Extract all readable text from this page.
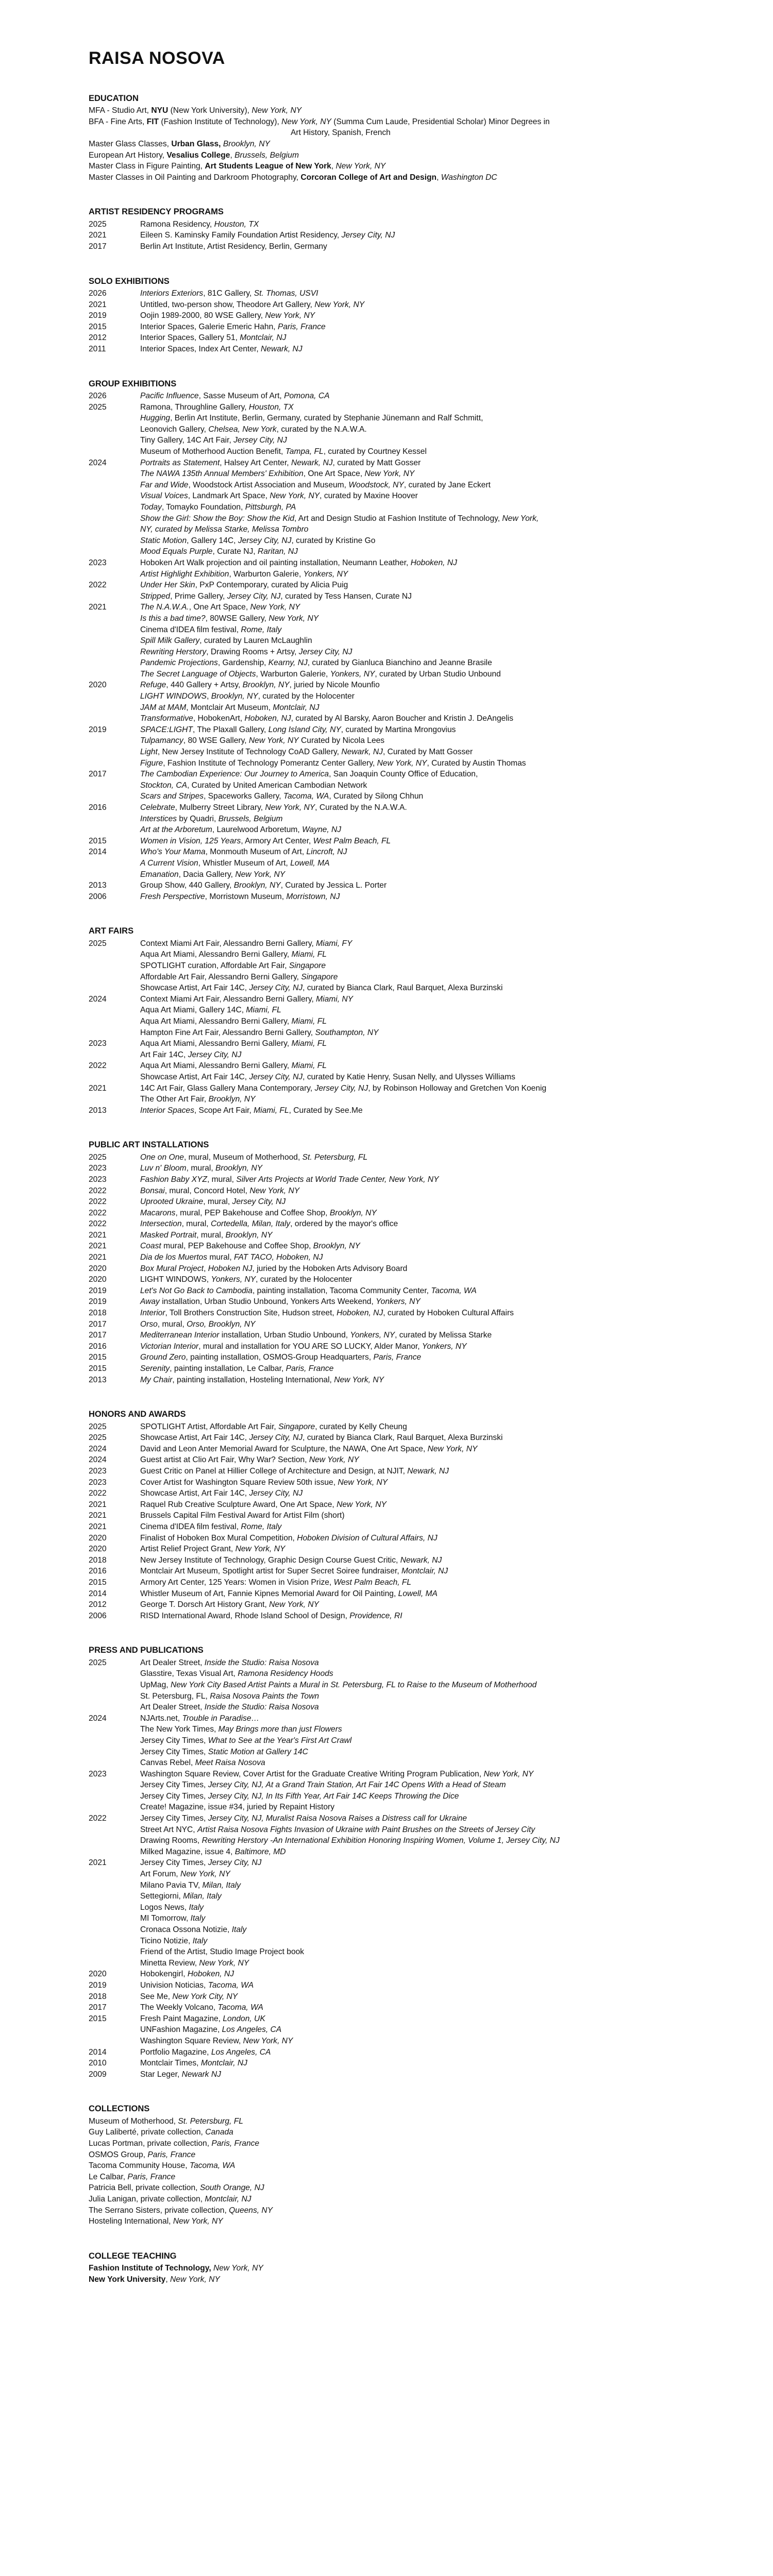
RAISA NOSOVA
EDUCATION
MFA - Studio Art, NYU (New York University), New York, NY
BFA - Fine Arts, FIT (Fashion Institute of Technology), New York, NY (Summa Cum Laude, Presidential Scholar) Minor Degrees in
Art History, Spanish, French
Master Glass Classes, Urban Glass, Brooklyn, NY
European Art History, Vesalius College, Brussels, Belgium
Master Class in Figure Painting, Art Students League of New York, New York, NY
Master Classes in Oil Painting and Darkroom Photography, Corcoran College of Art and Design, Washington DC
ARTIST RESIDENCY PROGRAMS
2025	Ramona Residency, Houston, TX
2021	Eileen S. Kaminsky Family Foundation Artist Residency, Jersey City, NJ
2017	Berlin Art Institute, Artist Residency, Berlin, Germany
SOLO EXHIBITIONS
2026	Interiors Exteriors, 81C Gallery, St. Thomas, USVI
2021	Untitled, two-person show, Theodore Art Gallery, New York, NY
2019	Oojin 1989-2000, 80 WSE Gallery, New York, NY
2015	Interior Spaces, Galerie Emeric Hahn, Paris, France
2012	Interior Spaces, Gallery 51, Montclair, NJ
2011	Interior Spaces, Index Art Center, Newark, NJ
GROUP EXHIBITIONS
2026	Pacific Influence, Sasse Museum of Art, Pomona, CA
2025	Ramona, Throughline Gallery, Houston, TX
Hugging, Berlin Art Institute, Berlin, Germany, curated by Stephanie Jünemann and Ralf Schmitt,
Leonovich Gallery, Chelsea, New York, curated by the N.A.W.A.
Tiny Gallery, 14C Art Fair, Jersey City, NJ
Museum of Motherhood Auction Benefit, Tampa, FL, curated by Courtney Kessel
2024	Portraits as Statement, Halsey Art Center, Newark, NJ, curated by Matt Gosser
The NAWA 135th Annual Members' Exhibition, One Art Space, New York, NY
Far and Wide, Woodstock Artist Association and Museum, Woodstock, NY, curated by Jane Eckert
Visual Voices, Landmark Art Space, New York, NY, curated by Maxine Hoover
Today, Tomayko Foundation, Pittsburgh, PA
Show the Girl: Show the Boy: Show the Kid, Art and Design Studio at Fashion Institute of Technology, New York,
NY, curated by Melissa Starke, Melissa Tombro
Static Motion, Gallery 14C, Jersey City, NJ, curated by Kristine Go
Mood Equals Purple, Curate NJ, Raritan, NJ
2023	Hoboken Art Walk projection and oil painting installation, Neumann Leather, Hoboken, NJ
Artist Highlight Exhibition, Warburton Galerie, Yonkers, NY
2022	Under Her Skin, PxP Contemporary, curated by Alicia Puig
Stripped, Prime Gallery, Jersey City, NJ, curated by Tess Hansen, Curate NJ
2021	The N.A.W.A., One Art Space, New York, NY
Is this a bad time?, 80WSE Gallery, New York, NY
Cinema d'IDEA film festival, Rome, Italy
Spill Milk Gallery, curated by Lauren McLaughlin
Rewriting Herstory, Drawing Rooms + Artsy, Jersey City, NJ
Pandemic Projections, Gardenship, Kearny, NJ, curated by Gianluca Bianchino and Jeanne Brasile
The Secret Language of Objects, Warburton Galerie, Yonkers, NY, curated by Urban Studio Unbound
2020	Refuge, 440 Gallery + Artsy, Brooklyn, NY, juried by Nicole Mounfio
LIGHT WINDOWS, Brooklyn, NY, curated by the Holocenter
JAM at MAM, Montclair Art Museum, Montclair, NJ
Transformative, HobokenArt, Hoboken, NJ, curated by Al Barsky, Aaron Boucher and Kristin J. DeAngelis
2019	SPACE:LIGHT, The Plaxall Gallery, Long Island City, NY, curated by Martina Mrongovius
Tulpamancy, 80 WSE Gallery, New York, NY Curated by Nicola Lees
Light, New Jersey Institute of Technology CoAD Gallery, Newark, NJ, Curated by Matt Gosser
Figure, Fashion Institute of Technology Pomerantz Center Gallery, New York, NY, Curated by Austin Thomas
2017	The Cambodian Experience: Our Journey to America, San Joaquin County Office of Education,
Stockton, CA, Curated by United American Cambodian Network
Scars and Stripes, Spaceworks Gallery, Tacoma, WA, Curated by Silong Chhun
2016	Celebrate, Mulberry Street Library, New York, NY, Curated by the N.A.W.A.
Interstices by Quadri, Brussels, Belgium
Art at the Arboretum, Laurelwood Arboretum, Wayne, NJ
2015	Women in Vision, 125 Years, Armory Art Center, West Palm Beach, FL
2014	Who's Your Mama, Monmouth Museum of Art, Lincroft, NJ
A Current Vision, Whistler Museum of Art, Lowell, MA
Emanation, Dacia Gallery, New York, NY
2013	Group Show, 440 Gallery, Brooklyn, NY, Curated by Jessica L. Porter
2006	Fresh Perspective, Morristown Museum, Morristown, NJ
ART FAIRS
2025	Context Miami Art Fair, Alessandro Berni Gallery, Miami, FY
Aqua Art Miami, Alessandro Berni Gallery, Miami, FL
SPOTLIGHT curation, Affordable Art Fair, Singapore
Affordable Art Fair, Alessandro Berni Gallery, Singapore
Showcase Artist, Art Fair 14C, Jersey City, NJ, curated by Bianca Clark, Raul Barquet, Alexa Burzinski
2024	Context Miami Art Fair, Alessandro Berni Gallery, Miami, NY
Aqua Art Miami, Gallery 14C, Miami, FL
Aqua Art Miami, Alessandro Berni Gallery, Miami, FL
Hampton Fine Art Fair, Alessandro Berni Gallery, Southampton, NY
2023	Aqua Art Miami, Alessandro Berni Gallery, Miami, FL
Art Fair 14C, Jersey City, NJ
2022	Aqua Art Miami, Alessandro Berni Gallery, Miami, FL
Showcase Artist, Art Fair 14C, Jersey City, NJ, curated by Katie Henry, Susan Nelly, and Ulysses Williams
2021	14C Art Fair, Glass Gallery Mana Contemporary, Jersey City, NJ, by Robinson Holloway and Gretchen Von Koenig
The Other Art Fair, Brooklyn, NY
2013	Interior Spaces, Scope Art Fair, Miami, FL, Curated by See.Me
PUBLIC ART INSTALLATIONS
2025	One on One, mural, Museum of Motherhood, St. Petersburg, FL
2023	Luv n' Bloom, mural, Brooklyn, NY
2023	Fashion Baby XYZ, mural, Silver Arts Projects at World Trade Center, New York, NY
2022	Bonsai, mural, Concord Hotel, New York, NY
2022	Uprooted Ukraine, mural, Jersey City, NJ
2022	Macarons, mural, PEP Bakehouse and Coffee Shop, Brooklyn, NY
2022	Intersection, mural, Cortedella, Milan, Italy, ordered by the mayor's office
2021	Masked Portrait, mural, Brooklyn, NY
2021	Coast mural, PEP Bakehouse and Coffee Shop, Brooklyn, NY
2021	Dia de los Muertos mural, FAT TACO, Hoboken, NJ
2020	Box Mural Project, Hoboken NJ, juried by the Hoboken Arts Advisory Board
2020	LIGHT WINDOWS, Yonkers, NY, curated by the Holocenter
2019	Let's Not Go Back to Cambodia, painting installation, Tacoma Community Center, Tacoma, WA
2019	Away installation, Urban Studio Unbound, Yonkers Arts Weekend, Yonkers, NY
2018	Interior, Toll Brothers Construction Site, Hudson street, Hoboken, NJ, curated by Hoboken Cultural Affairs
2017	Orso, mural, Orso, Brooklyn, NY
2017	Mediterranean Interior installation, Urban Studio Unbound, Yonkers, NY, curated by Melissa Starke
2016	Victorian Interior, mural and installation for YOU ARE SO LUCKY, Alder Manor, Yonkers, NY
2015	Ground Zero, painting installation, OSMOS-Group Headquarters, Paris, France
2015	Serenity, painting installation, Le Calbar, Paris, France
2013	My Chair, painting installation, Hosteling International, New York, NY
HONORS AND AWARDS
2025	SPOTLIGHT Artist, Affordable Art Fair, Singapore, curated by Kelly Cheung
2025	Showcase Artist, Art Fair 14C, Jersey City, NJ, curated by Bianca Clark, Raul Barquet, Alexa Burzinski
2024	David and Leon Anter Memorial Award for Sculpture, the NAWA, One Art Space, New York, NY
2024	Guest artist at Clio Art Fair, Why War? Section, New York, NY
2023	Guest Critic on Panel at Hillier College of Architecture and Design, at NJIT, Newark, NJ
2023	Cover Artist for Washington Square Review 50th issue, New York, NY
2022	Showcase Artist, Art Fair 14C, Jersey City, NJ
2021	Raquel Rub Creative Sculpture Award, One Art Space, New York, NY
2021	Brussels Capital Film Festival Award for Artist Film (short)
2021	Cinema d'IDEA film festival, Rome, Italy
2020	Finalist of Hoboken Box Mural Competition, Hoboken Division of Cultural Affairs, NJ
2020	Artist Relief Project Grant, New York, NY
2018	New Jersey Institute of Technology, Graphic Design Course Guest Critic, Newark, NJ
2016	Montclair Art Museum, Spotlight artist for Super Secret Soiree fundraiser, Montclair, NJ
2015	Armory Art Center, 125 Years: Women in Vision Prize, West Palm Beach, FL
2014	Whistler Museum of Art, Fannie Kipnes Memorial Award for Oil Painting, Lowell, MA
2012	George T. Dorsch Art History Grant, New York, NY
2006	RISD International Award, Rhode Island School of Design, Providence, RI
PRESS AND PUBLICATIONS
2025	Art Dealer Street, Inside the Studio: Raisa Nosova
Glasstire, Texas Visual Art, Ramona Residency Hoods
UpMag, New York City Based Artist Paints a Mural in St. Petersburg, FL to Raise to the Museum of Motherhood
St. Petersburg, FL, Raisa Nosova Paints the Town
Art Dealer Street, Inside the Studio: Raisa Nosova
2024	NJArts.net, Trouble in Paradise…
The New York Times, May Brings more than just Flowers
Jersey City Times, What to See at the Year's First Art Crawl
Jersey City Times, Static Motion at Gallery 14C
Canvas Rebel, Meet Raisa Nosova
2023	Washington Square Review, Cover Artist for the Graduate Creative Writing Program Publication, New York, NY
Jersey City Times, Jersey City, NJ, At a Grand Train Station, Art Fair 14C Opens With a Head of Steam
Jersey City Times, Jersey City, NJ, In Its Fifth Year, Art Fair 14C Keeps Throwing the Dice
Create! Magazine, issue #34, juried by Repaint History
2022	Jersey City Times, Jersey City, NJ, Muralist Raisa Nosova Raises a Distress call for Ukraine
Street Art NYC, Artist Raisa Nosova Fights Invasion of Ukraine with Paint Brushes on the Streets of Jersey City
Drawing Rooms, Rewriting Herstory -An International Exhibition Honoring Inspiring Women, Volume 1, Jersey City, NJ
Milked Magazine, issue 4, Baltimore, MD
2021	Jersey City Times, Jersey City, NJ
Art Forum, New York, NY
Milano Pavia TV, Milan, Italy
Settegiorni, Milan, Italy
Logos News, Italy
MI Tomorrow, Italy
Cronaca Ossona Notizie, Italy
Ticino Notizie, Italy
Friend of the Artist, Studio Image Project book
Minetta Review, New York, NY
2020	Hobokengirl, Hoboken, NJ
2019	Univision Noticias, Tacoma, WA
2018	See Me, New York City, NY
2017	The Weekly Volcano, Tacoma, WA
2015	Fresh Paint Magazine, London, UK
UNFashion Magazine, Los Angeles, CA
Washington Square Review, New York, NY
2014	Portfolio Magazine, Los Angeles, CA
2010	Montclair Times, Montclair, NJ
2009	Star Leger, Newark NJ
COLLECTIONS
Museum of Motherhood, St. Petersburg, FL
Guy Laliberté, private collection, Canada
Lucas Portman, private collection, Paris, France
OSMOS Group, Paris, France
Tacoma Community House, Tacoma, WA
Le Calbar, Paris, France
Patricia Bell, private collection, South Orange, NJ
Julia Lanigan, private collection, Montclair, NJ
The Serrano Sisters, private collection, Queens, NY
Hosteling International, New York, NY
COLLEGE TEACHING
Fashion Institute of Technology, New York, NY
New York University, New York, NY
